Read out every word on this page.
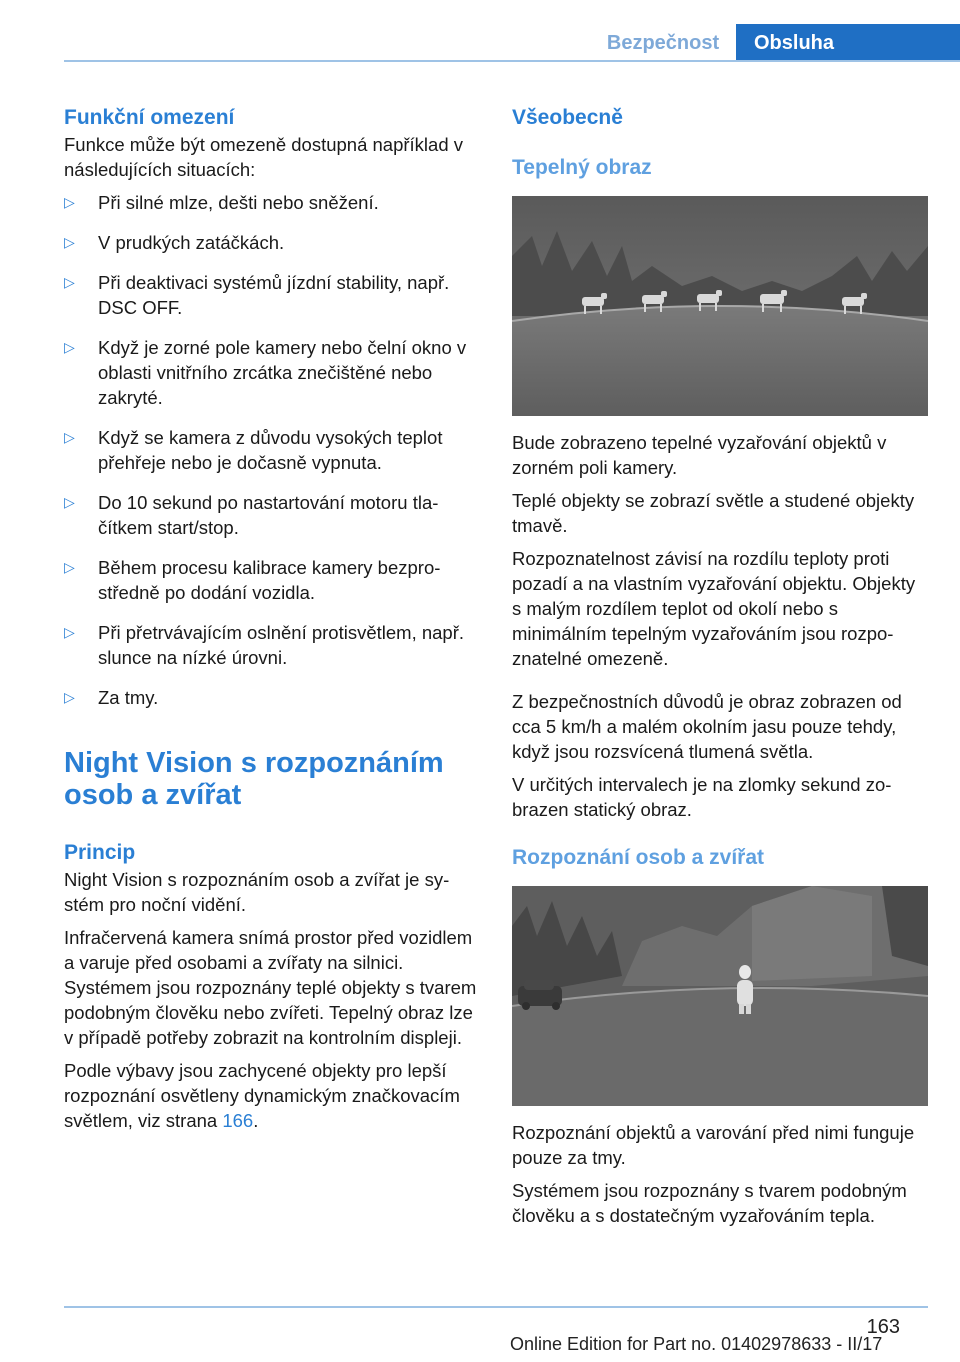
Bezpečnost	Obsluha
Funkční omezení

Funkce může být omezeně dostupná například v následujících situacích:

▷ Při silné mlze, dešti nebo sněžení.
▷ V prudkých zatáčkách.
▷ Při deaktivaci systémů jízdní stability, např. DSC OFF.
▷ Když je zorné pole kamery nebo čelní okno v oblasti vnitřního zrcátka znečištěné nebo zakryté.
▷ Když se kamera z důvodu vysokých teplot přehřeje nebo je dočasně vypnuta.
▷ Do 10 sekund po nastartování motoru tlačítkem start/stop.
▷ Během procesu kalibrace kamery bezprostředně po dodání vozidla.
▷ Při přetrvávajícím oslnění protisvětlem, např. slunce na nízké úrovni.
▷ Za tmy.
Night Vision s rozpoznáním osob a zvířat
Princip

Night Vision s rozpoznáním osob a zvířat je systém pro noční vidění.

Infračervená kamera snímá prostor před vozidlem a varuje před osobami a zvířaty na silnici. Systémem jsou rozpoznány teplé objekty s tvarem podobným člověku nebo zvířeti. Tepelný obraz lze v případě potřeby zobrazit na kontrolním displeji.

Podle výbavy jsou zachycené objekty pro lepší rozpoznání osvětleny dynamickým značkovacím světlem, viz strana 166.

Všeobecně
Tepelný obraz

Bude zobrazeno tepelné vyzařování objektů v zorném poli kamery.

Teplé objekty se zobrazí světle a studené objekty tmavě.

Rozpoznatelnost závisí na rozdílu teploty proti pozadí a na vlastním vyzařování objektu. Objekty s malým rozdílem teplot od okolí nebo s minimálním tepelným vyzařováním jsou rozpoznatelné omezeně.

Z bezpečnostních důvodů je obraz zobrazen od cca 5 km/h a malém okolním jasu pouze tehdy, když jsou rozsvícená tlumená světla.

V určitých intervalech je na zlomky sekund zobrazen statický obraz.

Rozpoznání osob a zvířat

Rozpoznání objektů a varování před nimi funguje pouze za tmy.

Systémem jsou rozpoznány s tvarem podobným člověku a s dostatečným vyzařováním tepla.

163
Online Edition for Part no. 01402978633 - II/17
